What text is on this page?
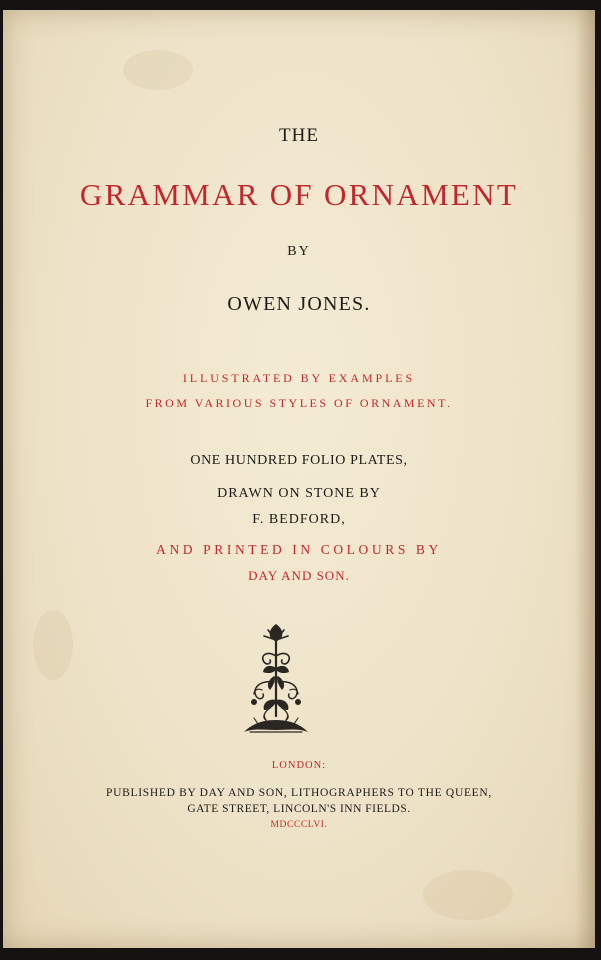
THE

GRAMMAR OF ORNAMENT

BY

OWEN JONES.

ILLUSTRATED BY EXAMPLES

FROM VARIOUS STYLES OF ORNAMENT.

ONE HUNDRED FOLIO PLATES,

DRAWN ON STONE BY

F. BEDFORD,

AND PRINTED IN COLOURS BY

DAY AND SON.

LONDON:

PUBLISHED BY DAY AND SON, LITHOGRAPHERS TO THE QUEEN,

GATE STREET, LINCOLN'S INN FIELDS.

MDCCCLVI.
